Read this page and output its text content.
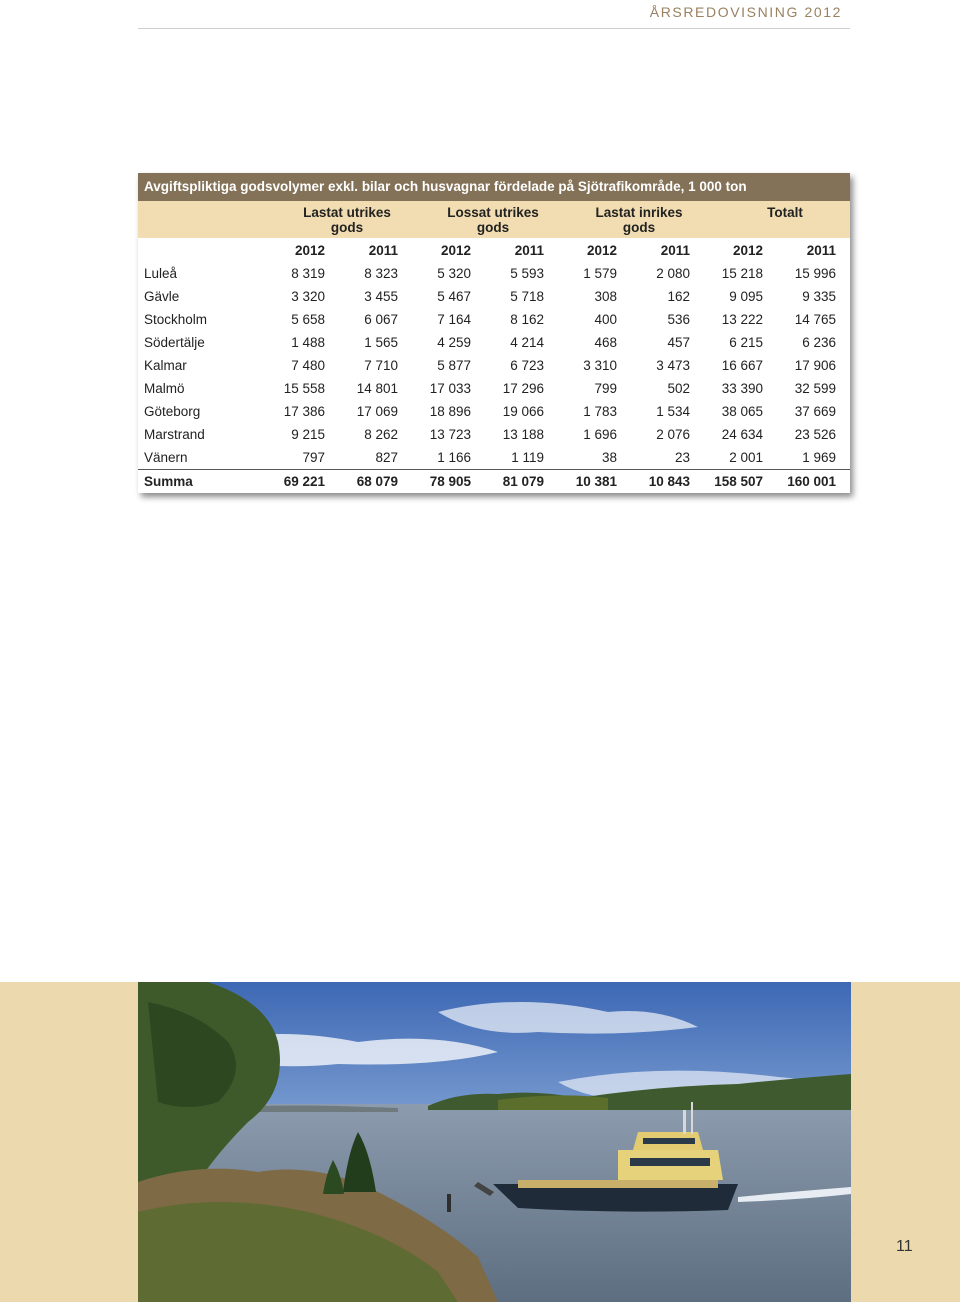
ÅRSREDOVISNING 2012
Avgiftspliktiga godsvolymer exkl. bilar och husvagnar fördelade på Sjötrafikområde, 1 000 ton
Lastat utrikes
gods
Lossat utrikes
gods
Lastat inrikes
gods
Totalt
	2012	2011	2012	2011	2012	2011	2012	2011
Luleå	8 319	8 323	5 320	5 593	1 579	2 080	15 218	15 996
Gävle	3 320	3 455	5 467	5 718	308	162	9 095	9 335
Stockholm	5 658	6 067	7 164	8 162	400	536	13 222	14 765
Södertälje	1 488	1 565	4 259	4 214	468	457	6 215	6 236
Kalmar	7 480	7 710	5 877	6 723	3 310	3 473	16 667	17 906
Malmö	15 558	14 801	17 033	17 296	799	502	33 390	32 599
Göteborg	17 386	17 069	18 896	19 066	1 783	1 534	38 065	37 669
Marstrand	9 215	8 262	13 723	13 188	1 696	2 076	24 634	23 526
Vänern	797	827	1 166	1 119	38	23	2 001	1 969
Summa	69 221	68 079	78 905	81 079	10 381	10 843	158 507	160 001
11
